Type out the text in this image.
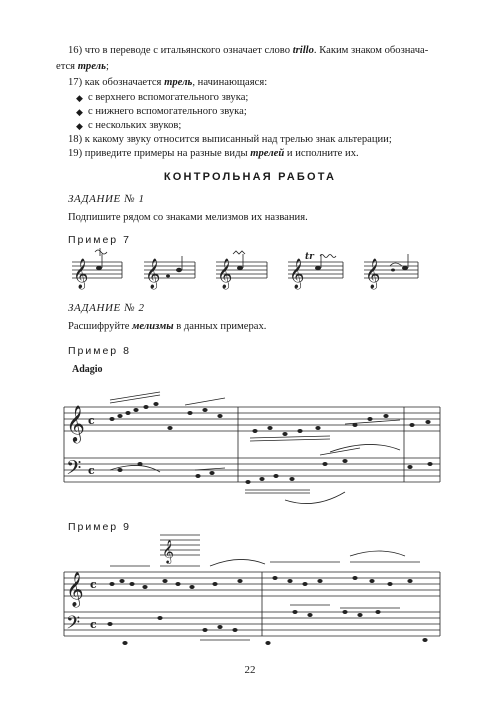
16) что в переводе с итальянского означает слово trillo. Каким знаком обознача-
ется трель;
17) как обозначается трель, начинающаяся:
◆ с верхнего вспомогательного звука;
◆ с нижнего вспомогательного звука;
◆ с нескольких звуков;
18) к какому звуку относится выписанный над трелью знак альтерации;
19) приведите примеры на разные виды трелей и исполните их.
КОНТРОЛЬНАЯ РАБОТА
ЗАДАНИЕ № 1
Подпишите рядом со знаками мелизмов их названия.
Пример 7
ЗАДАНИЕ № 2
Расшифруйте мелизмы в данных примерах.
Пример 8
Adagio
Пример 9
22
𝄞 𝄞 𝄞 𝄞 𝄞
tr
𝄞
𝄢
c
c
𝄞
𝄢
𝄞
c
c
